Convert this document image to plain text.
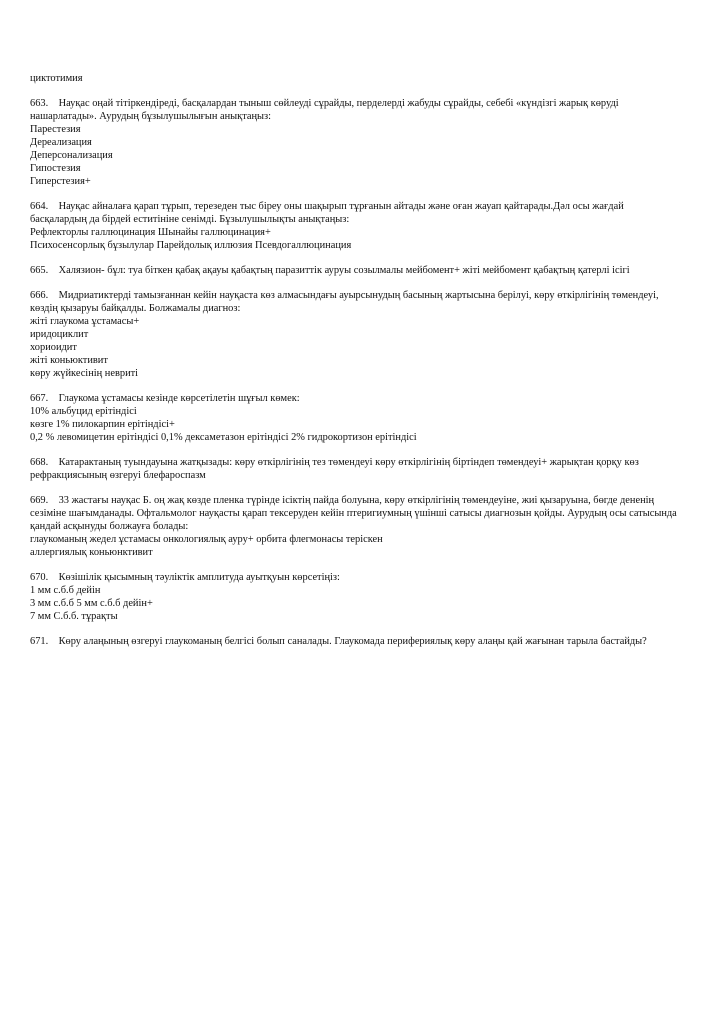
циктотимия

663. Науқас оңай тітіркендіреді, басқалардан тыныш сөйлеуді сұрайды, перделерді жабуды сұрайды, себебі «күндізгі жарық көруді нашарлатады». Аурудың бұзылушылығын анықтаңыз:

Парестезия

Дереализация

Деперсонализация

Гипостезия

Гиперстезия+

664. Науқас айналаға қарап тұрып, терезеден тыс біреу оны шақырып тұрғанын айтады және оған жауап қайтарады.Дәл осы жағдай басқалардың да бірдей еститініне сенімді. Бұзылушылықты анықтаңыз:

Рефлекторлы галлюцинация Шынайы галлюцинация+

Психосенсорлық бұзылулар Парейдолық иллюзия Псевдогаллюцинация

665. Халязион- бұл: туа біткен қабақ ақауы қабақтың паразиттік ауруы созылмалы мейбомент+ жіті мейбомент қабақтың қатерлі ісігі

666. Мидриатиктерді тамызғаннан кейін науқаста көз алмасындағы ауырсынудың басының жартысына берілуі, көру өткірлігінің төмендеуі, көздің қызаруы байқалды. Болжамалы диагноз:

жіті глаукома ұстамасы+

иридоциклит

хориоидит

жіті коньюктивит

көру жүйкесінің невриті

667. Глаукома ұстамасы кезінде көрсетілетін шұғыл көмек:

10% альбуцид ерітіндісі

көзге 1% пилокарпин ерітіндісі+

0,2 % левомицетин ерітіндісі 0,1% дексаметазон ерітіндісі 2% гидрокортизон ерітіндісі

668. Катарактаның туындауына жатқызады: көру өткірлігінің тез төмендеуі көру өткірлігінің біртіндеп төмендеуі+ жарықтан қорқу көз рефракциясының өзгеруі блефароспазм

669. 33 жастағы науқас Б. оң жақ көзде пленка түрінде ісіктің пайда болуына, көру өткірлігінің төмендеуіне, жиі қызаруына, бөгде дененің сезіміне шағымданады. Офтальмолог науқасты қарап тексеруден кейін птеригиумның үшінші сатысы диагнозын қойды. Аурудың осы сатысында қандай асқынуды болжауға болады:

глаукоманың жедел ұстамасы онкологиялық ауру+ орбита флегмонасы теріскен

аллергиялық коньюнктивит

670. Көзішілік қысымның тәуліктік амплитуда ауытқуын көрсетіңіз:

1 мм с.б.б дейін

3 мм с.б.б 5 мм с.б.б дейін+

7 мм С.б.б. тұрақты

671. Көру алаңының өзгеруі глаукоманың белгісі болып саналады. Глаукомада перифериялық көру алаңы қай жағынан тарыла бастайды?
